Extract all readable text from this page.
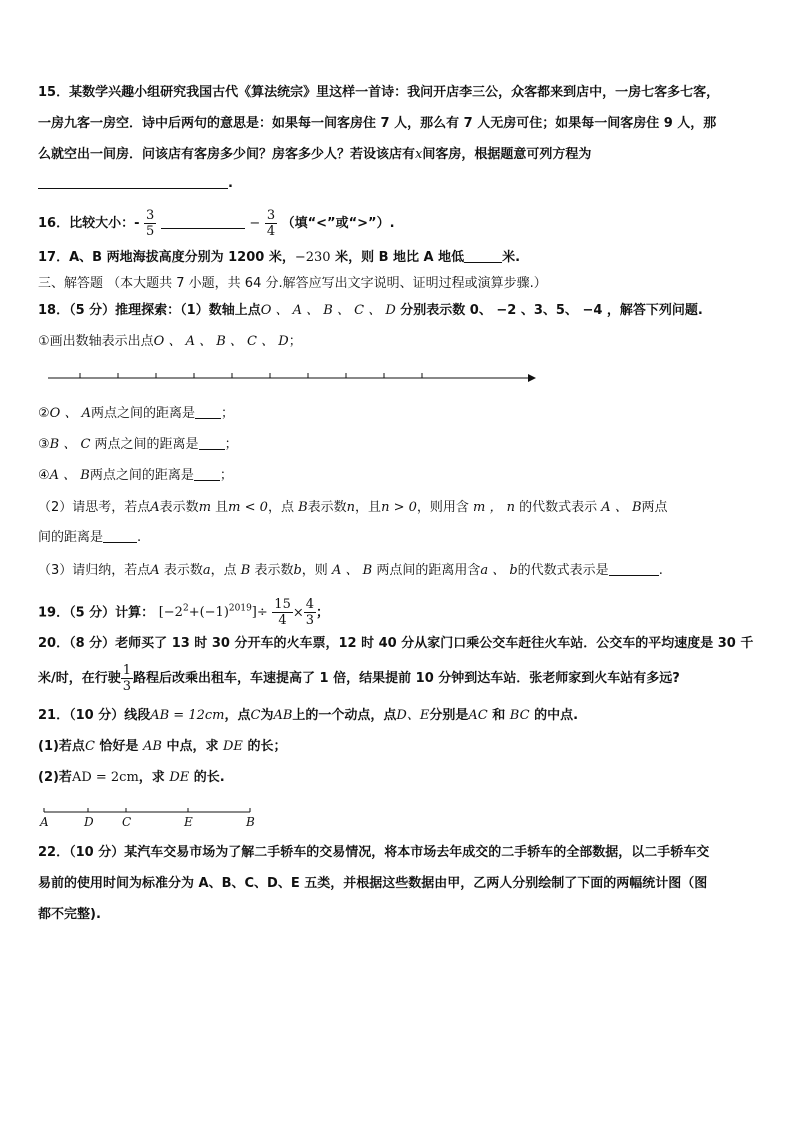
15．某数学兴趣小组研究我国古代《算法统宗》里这样一首诗：我问开店李三公，众客都来到店中，一房七客多七客，
一房九客一房空．诗中后两句的意思是：如果每一间客房住 7 人，那么有 7 人无房可住；如果每一间客房住 9 人，那
么就空出一间房．问该店有客房多少间？房客多少人？若设该店有x间客房，根据题意可列方程为
.
16．比较大小：- $\frac{3}{5}$	− $\frac{3}{4}$ （填“<”或“>”）.
17．A、B 两地海拔高度分别为 1200 米，−230 米，则 B 地比 A 地低	米.
三、解答题 （本大题共 7 小题，共 64 分.解答应写出文字说明、证明过程或演算步骤.）
18．（5 分）推理探索：（1）数轴上点O 、 A 、 B 、 C 、 D 分别表示数 0、 −2 、3、5、 −4 ，解答下列问题.
①画出数轴表示出点O 、 A 、 B 、 C 、 D；
②O 、 A两点之间的距离是 ；
③B 、 C 两点之间的距离是 ；
④A 、 B两点之间的距离是 ；
（2）请思考，若点A表示数m 且m < 0，点 B表示数n，且n > 0，则用含 m ， n 的代数式表示 A 、 B两点
间的距离是	.
（3）请归纳，若点A 表示数a，点 B 表示数b，则 A 、 B 两点间的距离用含a 、 b的代数式表示是	.
19．（5 分）计算： $[-2^2+(-1)^{2019}]\div \frac{15}{4} \times \frac{4}{3}$ ；
20．（8 分）老师买了 13 时 30 分开车的火车票，12 时 40 分从家门口乘公交车赶往火车站．公交车的平均速度是 30 千
米/时，在行驶 $\frac{1}{3}$ 路程后改乘出租车，车速提高了 1 倍，结果提前 10 分钟到达车站．张老师家到火车站有多远?
21．（10 分）线段AB = 12cm，点C为AB上的一个动点，点D、E分别是AC 和 BC 的中点.
(1)若点C 恰好是 AB 中点，求 DE 的长；
(2)若AD = 2cm，求 DE 的长.
A	D C	E	B
22．（10 分）某汽车交易市场为了解二手轿车的交易情况，将本市场去年成交的二手轿车的全部数据，以二手轿车交
易前的使用时间为标准分为 A、B、C、D、E 五类，并根据这些数据由甲，乙两人分别绘制了下面的两幅统计图（图
都不完整).
